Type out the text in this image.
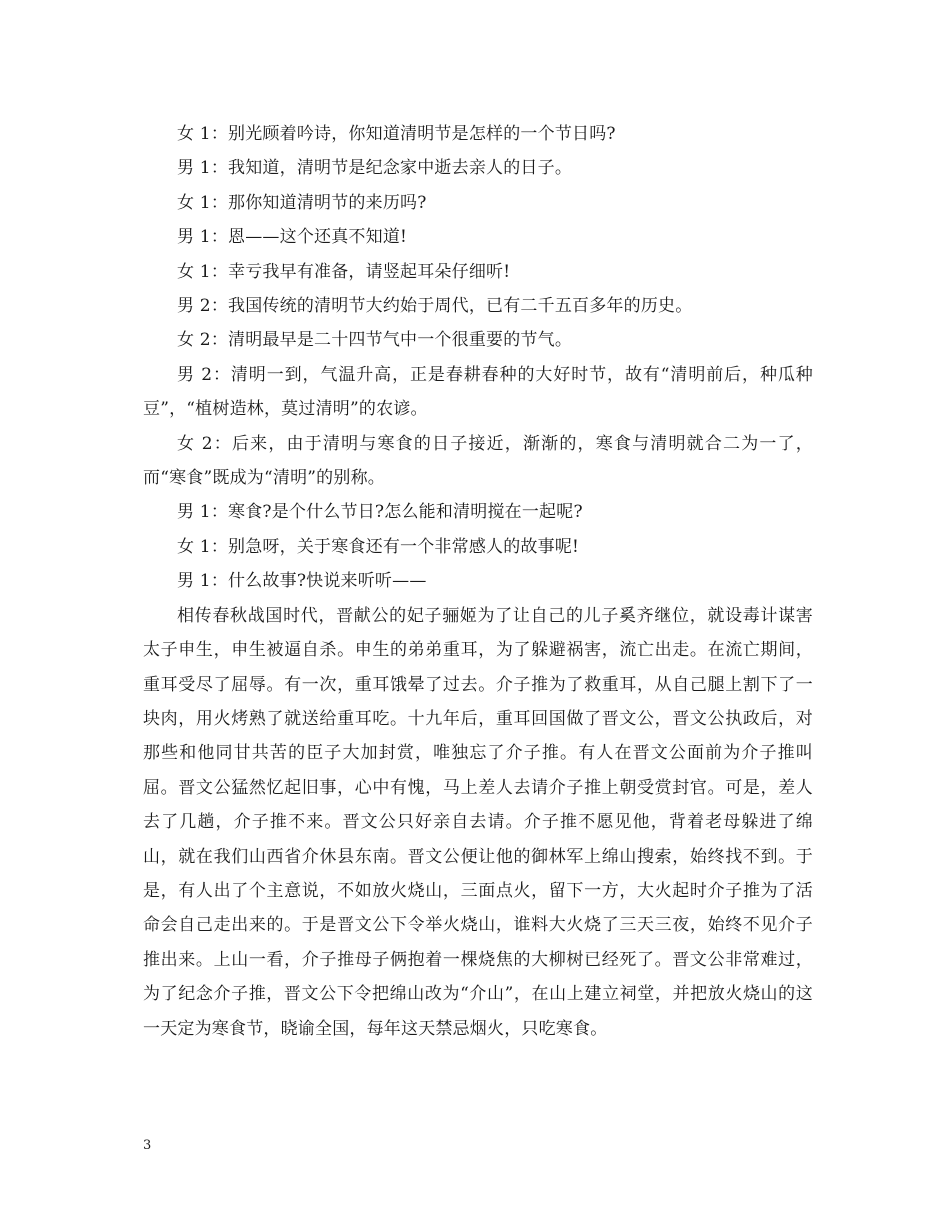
女 1：别光顾着吟诗，你知道清明节是怎样的一个节日吗?

男 1：我知道，清明节是纪念家中逝去亲人的日子。

女 1：那你知道清明节的来历吗?

男 1：恩——这个还真不知道!

女 1：幸亏我早有准备，请竖起耳朵仔细听!

男 2：我国传统的清明节大约始于周代，已有二千五百多年的历史。

女 2：清明最早是二十四节气中一个很重要的节气。

男 2：清明一到，气温升高，正是春耕春种的大好时节，故有“清明前后，种瓜种豆”，“植树造林，莫过清明”的农谚。

女 2：后来，由于清明与寒食的日子接近，渐渐的，寒食与清明就合二为一了，而“寒食”既成为“清明”的别称。

男 1：寒食?是个什么节日?怎么能和清明搅在一起呢?

女 1：别急呀，关于寒食还有一个非常感人的故事呢!

男 1：什么故事?快说来听听——

相传春秋战国时代，晋献公的妃子骊姬为了让自己的儿子奚齐继位，就设毒计谋害太子申生，申生被逼自杀。申生的弟弟重耳，为了躲避祸害，流亡出走。在流亡期间，重耳受尽了屈辱。有一次，重耳饿晕了过去。介子推为了救重耳，从自己腿上割下了一块肉，用火烤熟了就送给重耳吃。十九年后，重耳回国做了晋文公，晋文公执政后，对那些和他同甘共苦的臣子大加封赏，唯独忘了介子推。有人在晋文公面前为介子推叫屈。晋文公猛然忆起旧事，心中有愧，马上差人去请介子推上朝受赏封官。可是，差人去了几趟，介子推不来。晋文公只好亲自去请。介子推不愿见他，背着老母躲进了绵山，就在我们山西省介休县东南。晋文公便让他的御林军上绵山搜索，始终找不到。于是，有人出了个主意说，不如放火烧山，三面点火，留下一方，大火起时介子推为了活命会自己走出来的。于是晋文公下令举火烧山，谁料大火烧了三天三夜，始终不见介子推出来。上山一看，介子推母子俩抱着一棵烧焦的大柳树已经死了。晋文公非常难过，为了纪念介子推，晋文公下令把绵山改为“介山”，在山上建立祠堂，并把放火烧山的这一天定为寒食节，晓谕全国，每年这天禁忌烟火，只吃寒食。

3
